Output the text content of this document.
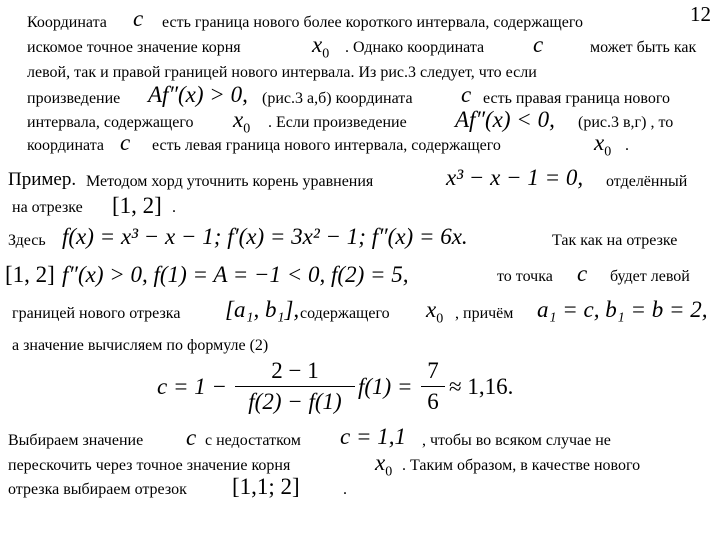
12
Координата c есть граница нового более короткого интервала, содержащего
искомое точное значение корня	$x_0$ . Однако координата c	может быть как
левой, так и правой границей нового интервала. Из рис.3 следует, что если
произведение Af″(x) > 0, (рис.3 а,б) координата c есть правая граница нового
интервала, содержащего $x_0$ . Если произведение Af″(x) < 0, (рис.3 в,г) , то
координата c есть левая граница нового интервала, содержащего	$x_0$ .
Пример. Методом хорд уточнить корень уравнения	x³ − x − 1 = 0, отделённый
на отрезке [1, 2] .
Здесь f(x) = x³ − x − 1; f′(x) = 3x² − 1; f″(x) = 6x.	Так как на отрезке
[1, 2] f″(x) > 0, f(1) = A = −1 < 0, f(2) = 5,	то точка c будет левой
границей нового отрезка [a₁, b₁], содержащего $x_0$ , причём a₁ = c, b₁ = b = 2,
а значение вычисляем по формуле (2)
c = 1 −
2 − 1
f(2) − f(1)
f(1) =
7
6
≈ 1,16.
Выбираем значение c с недостатком c = 1,1 , чтобы во всяком случае не
перескочить через точное значение корня	$x_0$ . Таким образом, в качестве нового
отрезка выбираем отрезок [1,1; 2]	.
